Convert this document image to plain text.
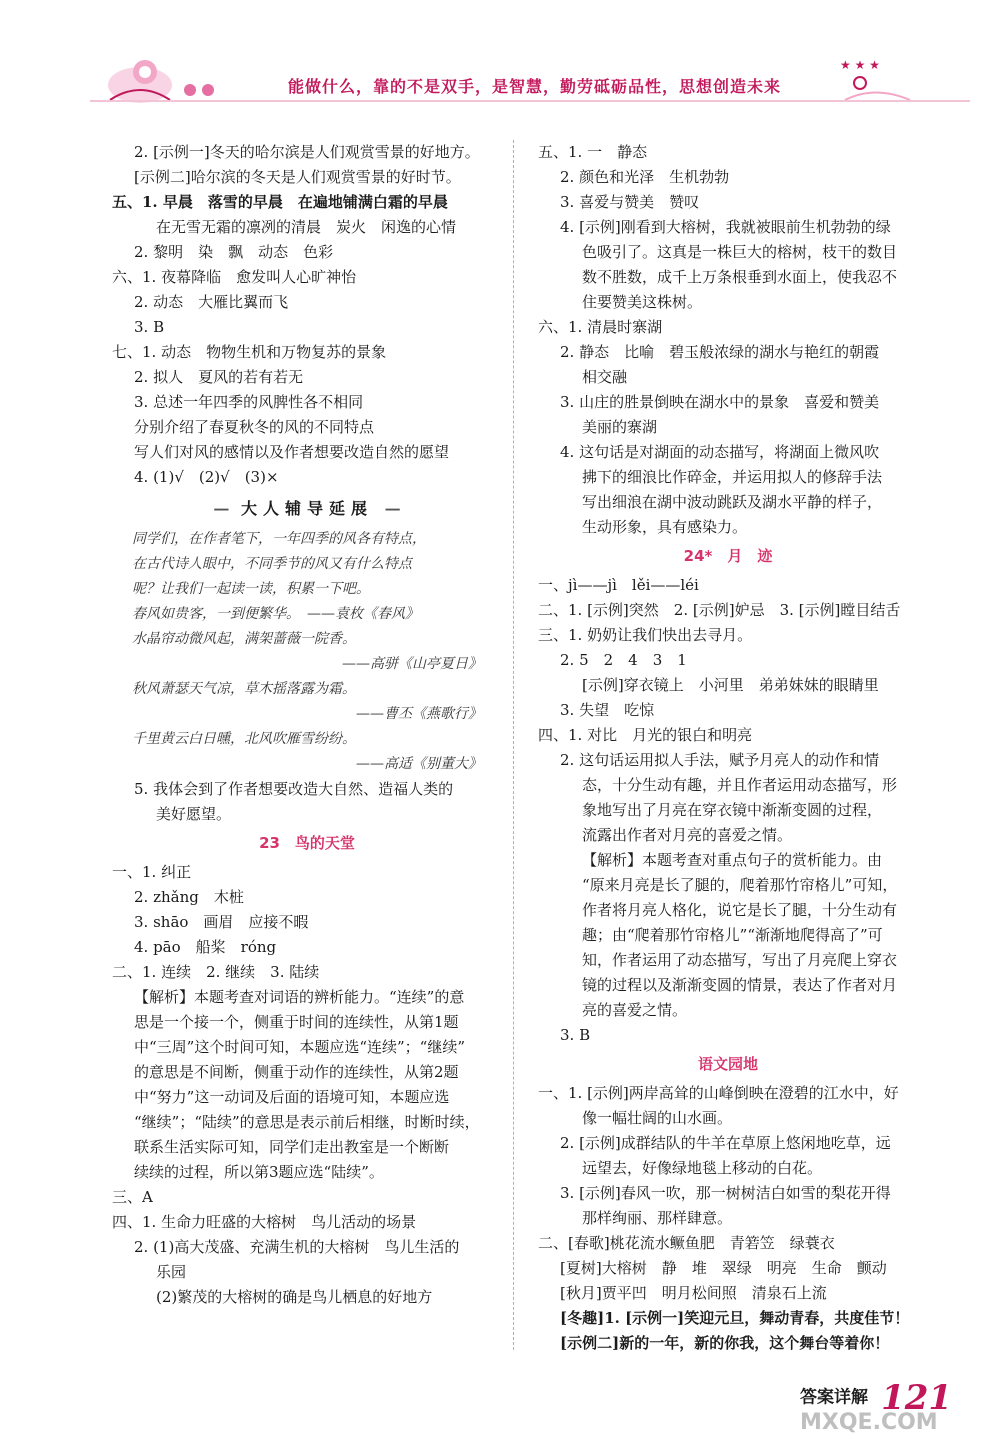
能做什么，靠的不是双手，是智慧，勤劳砥砺品性，思想创造未来
★ ★ ★
2. [示例一]冬天的哈尔滨是人们观赏雪景的好地方。
[示例二]哈尔滨的冬天是人们观赏雪景的好时节。
五、1. 早晨　落雪的早晨　在遍地铺满白霜的早晨
在无雪无霜的凛冽的清晨　炭火　闲逸的心情
2. 黎明　染　飘　动态　色彩
六、1. 夜幕降临　愈发叫人心旷神怡
2. 动态　大雁比翼而飞
3. B
七、1. 动态　物物生机和万物复苏的景象
2. 拟人　夏风的若有若无
3. 总述一年四季的风脾性各不相同
分别介绍了春夏秋冬的风的不同特点
写人们对风的感情以及作者想要改造自然的愿望
4. (1)√　(2)√　(3)×
— 大人辅导延展 —
同学们，在作者笔下，一年四季的风各有特点，
在古代诗人眼中，不同季节的风又有什么特点
呢？让我们一起读一读，积累一下吧。
春风如贵客，一到便繁华。　——袁枚《春风》
水晶帘动微风起，满架蔷薇一院香。
——高骈《山亭夏日》
秋风萧瑟天气凉，草木摇落露为霜。
——曹丕《燕歌行》
千里黄云白日曛，北风吹雁雪纷纷。
——高适《别董大》
5. 我体会到了作者想要改造大自然、造福人类的
美好愿望。
23　鸟的天堂
一、1. 纠正
2. zhǎng　木桩
3. shāo　画眉　应接不暇
4. pāo　船桨　róng
二、1. 连续　2. 继续　3. 陆续
【解析】本题考查对词语的辨析能力。“连续”的意
思是一个接一个，侧重于时间的连续性，从第1题
中“三周”这个时间可知，本题应选“连续”；“继续”
的意思是不间断，侧重于动作的连续性，从第2题
中“努力”这一动词及后面的语境可知，本题应选
“继续”；“陆续”的意思是表示前后相继，时断时续，
联系生活实际可知，同学们走出教室是一个断断
续续的过程，所以第3题应选“陆续”。
三、A
四、1. 生命力旺盛的大榕树　鸟儿活动的场景
2. (1)高大茂盛、充满生机的大榕树　鸟儿生活的
乐园
(2)繁茂的大榕树的确是鸟儿栖息的好地方
五、1. 一　静态
2. 颜色和光泽　生机勃勃
3. 喜爱与赞美　赞叹
4. [示例]刚看到大榕树，我就被眼前生机勃勃的绿
色吸引了。这真是一株巨大的榕树，枝干的数目
数不胜数，成千上万条根垂到水面上，使我忍不
住要赞美这株树。
六、1. 清晨时寨湖
2. 静态　比喻　碧玉般浓绿的湖水与艳红的朝霞
相交融
3. 山庄的胜景倒映在湖水中的景象　喜爱和赞美
美丽的寨湖
4. 这句话是对湖面的动态描写，将湖面上微风吹
拂下的细浪比作碎金，并运用拟人的修辞手法
写出细浪在湖中波动跳跃及湖水平静的样子，
生动形象，具有感染力。
24*　月　迹
一、jì——jì　lěi——léi
二、1. [示例]突然　2. [示例]妒忌　3. [示例]瞠目结舌
三、1. 奶奶让我们快出去寻月。
2. 5　2　4　3　1
[示例]穿衣镜上　小河里　弟弟妹妹的眼睛里
3. 失望　吃惊
四、1. 对比　月光的银白和明亮
2. 这句话运用拟人手法，赋予月亮人的动作和情
态，十分生动有趣，并且作者运用动态描写，形
象地写出了月亮在穿衣镜中渐渐变圆的过程，
流露出作者对月亮的喜爱之情。
【解析】本题考查对重点句子的赏析能力。由
“原来月亮是长了腿的，爬着那竹帘格儿”可知，
作者将月亮人格化，说它是长了腿，十分生动有
趣；由“爬着那竹帘格儿”“渐渐地爬得高了”可
知，作者运用了动态描写，写出了月亮爬上穿衣
镜的过程以及渐渐变圆的情景，表达了作者对月
亮的喜爱之情。
3. B
语文园地
一、1. [示例]两岸高耸的山峰倒映在澄碧的江水中，好
像一幅壮阔的山水画。
2. [示例]成群结队的牛羊在草原上悠闲地吃草，远
远望去，好像绿地毯上移动的白花。
3. [示例]春风一吹，那一树树洁白如雪的梨花开得
那样绚丽、那样肆意。
二、[春歌]桃花流水鳜鱼肥　青箬笠　绿蓑衣
[夏树]大榕树　静　堆　翠绿　明亮　生命　颤动
[秋月]贾平凹　明月松间照　清泉石上流
[冬趣]1. [示例一]笑迎元旦，舞动青春，共度佳节！
[示例二]新的一年，新的你我，这个舞台等着你！
答案详解 121
MXQE.COM
